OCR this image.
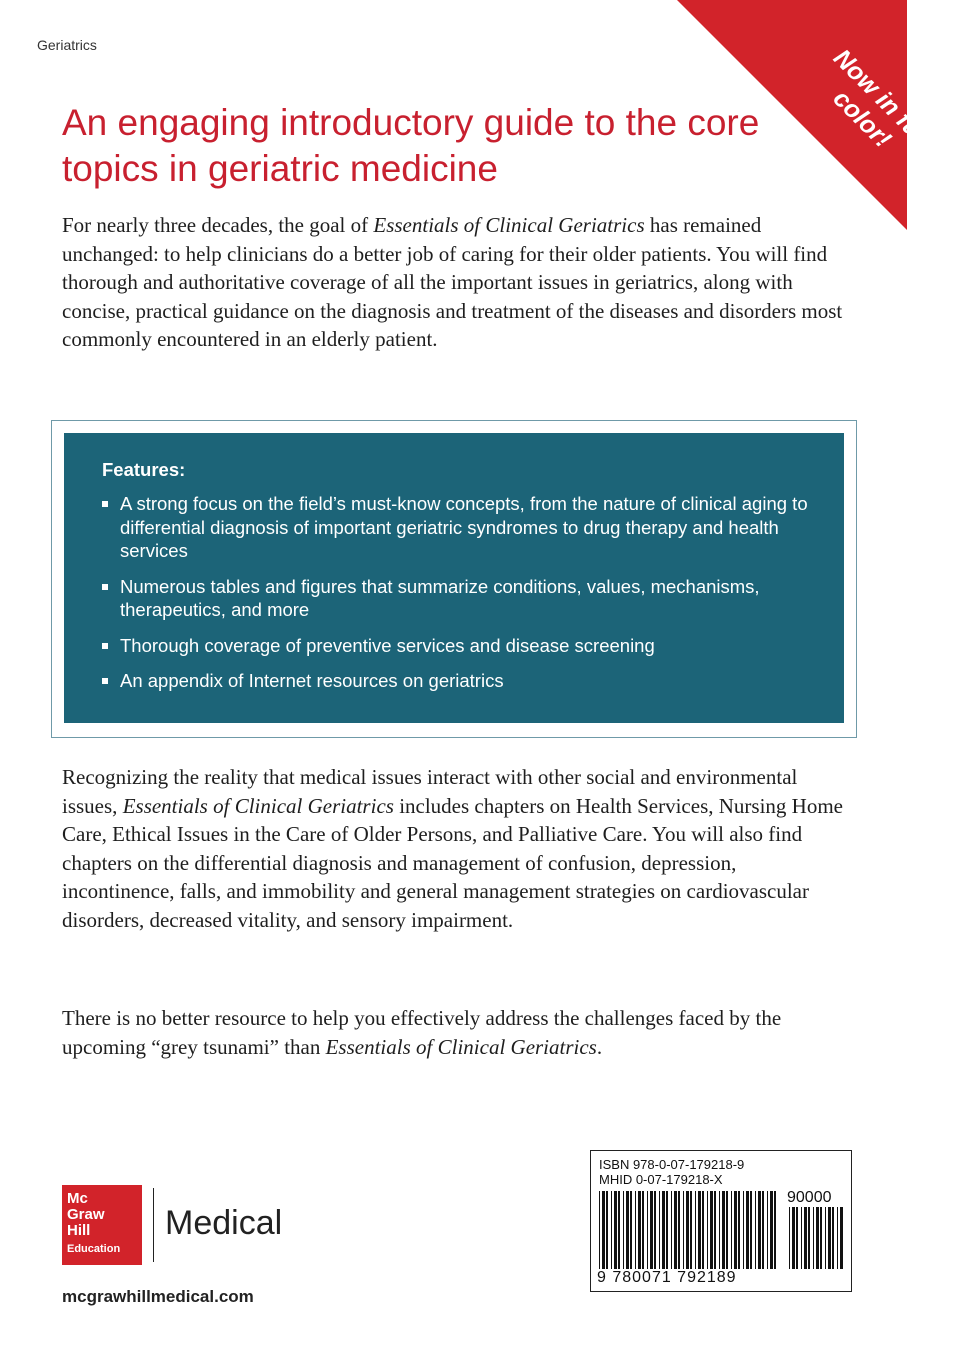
Geriatrics	Now in full color!
An engaging introductory guide to the core topics in geriatric medicine

For nearly three decades, the goal of Essentials of Clinical Geriatrics has remained unchanged: to help clinicians do a better job of caring for their older patients. You will find thorough and authoritative coverage of all the important issues in geriatrics, along with concise, practical guidance on the diagnosis and treatment of the diseases and disorders most commonly encountered in an elderly patient.

Features:
A strong focus on the field’s must-know concepts, from the nature of clinical aging to differential diagnosis of important geriatric syndromes to drug therapy and health services
Numerous tables and figures that summarize conditions, values, mechanisms, therapeutics, and more
Thorough coverage of preventive services and disease screening
An appendix of Internet resources on geriatrics

Recognizing the reality that medical issues interact with other social and environmental issues, Essentials of Clinical Geriatrics includes chapters on Health Services, Nursing Home Care, Ethical Issues in the Care of Older Persons, and Palliative Care. You will also find chapters on the differential diagnosis and management of confusion, depression, incontinence, falls, and immobility and general management strategies on cardiovascular disorders, decreased vitality, and sensory impairment.

There is no better resource to help you effectively address the challenges faced by the upcoming “grey tsunami” than Essentials of Clinical Geriatrics.

Mc
Graw
Hill
Education
Medical
mcgrawhillmedical.com
ISBN 978-0-07-179218-9
MHID 0-07-179218-X
9 780071 792189
90000
